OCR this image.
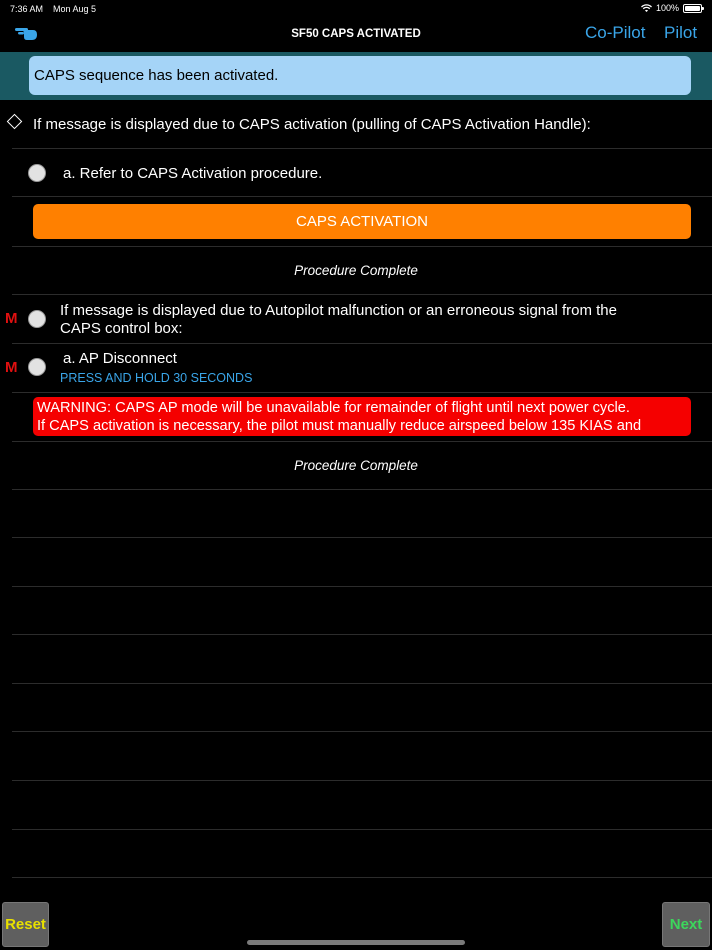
7:36 AM Mon Aug 5	100%
SF50 CAPS ACTIVATED	Co-Pilot Pilot
CAPS sequence has been activated.
If message is displayed due to CAPS activation (pulling of CAPS Activation Handle):
a. Refer to CAPS Activation procedure.
CAPS ACTIVATION
Procedure Complete
M	If message is displayed due to Autopilot malfunction or an erroneous signal from the
CAPS control box:
M
a. AP Disconnect
PRESS AND HOLD 30 SECONDS
WARNING: CAPS AP mode will be unavailable for remainder of flight until next power cycle.
If CAPS activation is necessary, the pilot must manually reduce airspeed below 135 KIAS and
Procedure Complete
Reset	Next
